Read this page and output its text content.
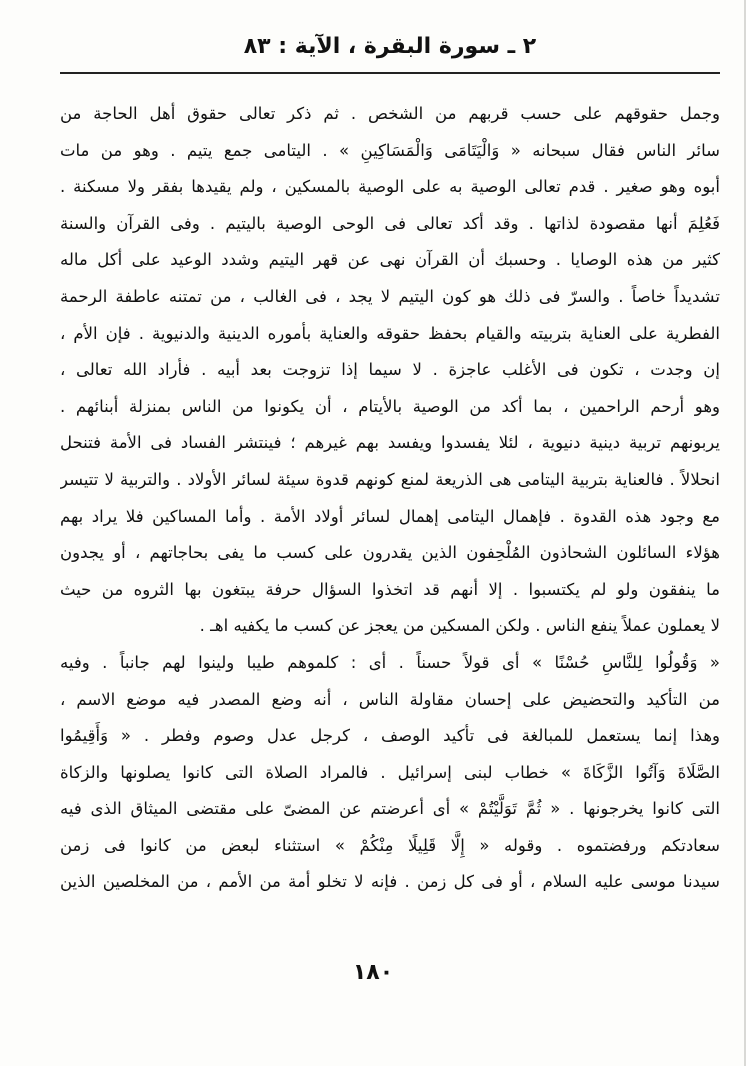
٢ ـ سورة البقرة ، الآية : ٨٣
وجمل حقوقهم على حسب قربهم من الشخص . ثم ذكر تعالى حقوق أهل الحاجة من
سائر الناس فقال سبحانه « وَالْيَتَامَى وَالْمَسَاكِينِ » . اليتامى جمع يتيم . وهو من مات
أبوه وهو صغير . قدم تعالى الوصية به على الوصية بالمسكين ، ولم يقيدها بفقر ولا مسكنة .
فَعُلِمَ أنها مقصودة لذاتها . وقد أكد تعالى فى الوحى الوصية باليتيم . وفى القرآن والسنة
كثير من هذه الوصايا . وحسبك أن القرآن نهى عن قهر اليتيم وشدد الوعيد على أكل ماله
تشديداً خاصاً . والسرّ فى ذلك هو كون اليتيم لا يجد ، فى الغالب ، من تمتنه عاطفة الرحمة
الفطرية على العناية بتربيته والقيام بحفظ حقوقه والعناية بأموره الدينية والدنيوية . فإن الأم ،
إن وجدت ، تكون فى الأغلب عاجزة . لا سيما إذا تزوجت بعد أبيه . فأراد الله تعالى ،
وهو أرحم الراحمين ، بما أكد من الوصية بالأيتام ، أن يكونوا من الناس بمنزلة أبنائهم .
يربونهم تربية دينية دنيوية ، لئلا يفسدوا ويفسد بهم غيرهم ؛ فينتشر الفساد فى الأمة فتنحل
انحلالاً . فالعناية بتربية اليتامى هى الذريعة لمنع كونهم قدوة سيئة لسائر الأولاد . والتربية لا تتيسر
مع وجود هذه القدوة . فإهمال اليتامى إهمال لسائر أولاد الأمة . وأما المساكين فلا يراد بهم
هؤلاء السائلون الشحاذون المُلْحِفون الذين يقدرون على كسب ما يفى بحاجاتهم ، أو يجدون
ما ينفقون ولو لم يكتسبوا . إلا أنهم قد اتخذوا السؤال حرفة يبتغون بها الثروه من حيث
لا يعملون عملاً ينفع الناس . ولكن المسكين من يعجز عن كسب ما يكفيه اهـ .
« وَقُولُوا لِلنَّاسِ حُسْنًا » أى قولاً حسناً . أى : كلموهم طيبا ولينوا لهم جانباً . وفيه
من التأكيد والتحضيض على إحسان مقاولة الناس ، أنه وضع المصدر فيه موضع الاسم ،
وهذا إنما يستعمل للمبالغة فى تأكيد الوصف ، كرجل عدل وصوم وفطر . « وَأَقِيمُوا
الصَّلَاةَ وَآتُوا الزَّكَاةَ » خطاب لبنى إسرائيل . فالمراد الصلاة التى كانوا يصلونها والزكاة
التى كانوا يخرجونها . « ثُمَّ تَوَلَّيْتُمْ » أى أعرضتم عن المضىّ على مقتضى الميثاق الذى فيه
سعادتكم ورفضتموه . وقوله « إِلَّا قَلِيلًا مِنْكُمْ » استثناء لبعض من كانوا فى زمن
سيدنا موسى عليه السلام ، أو فى كل زمن . فإنه لا تخلو أمة من الأمم ، من المخلصين الذين
١٨٠
